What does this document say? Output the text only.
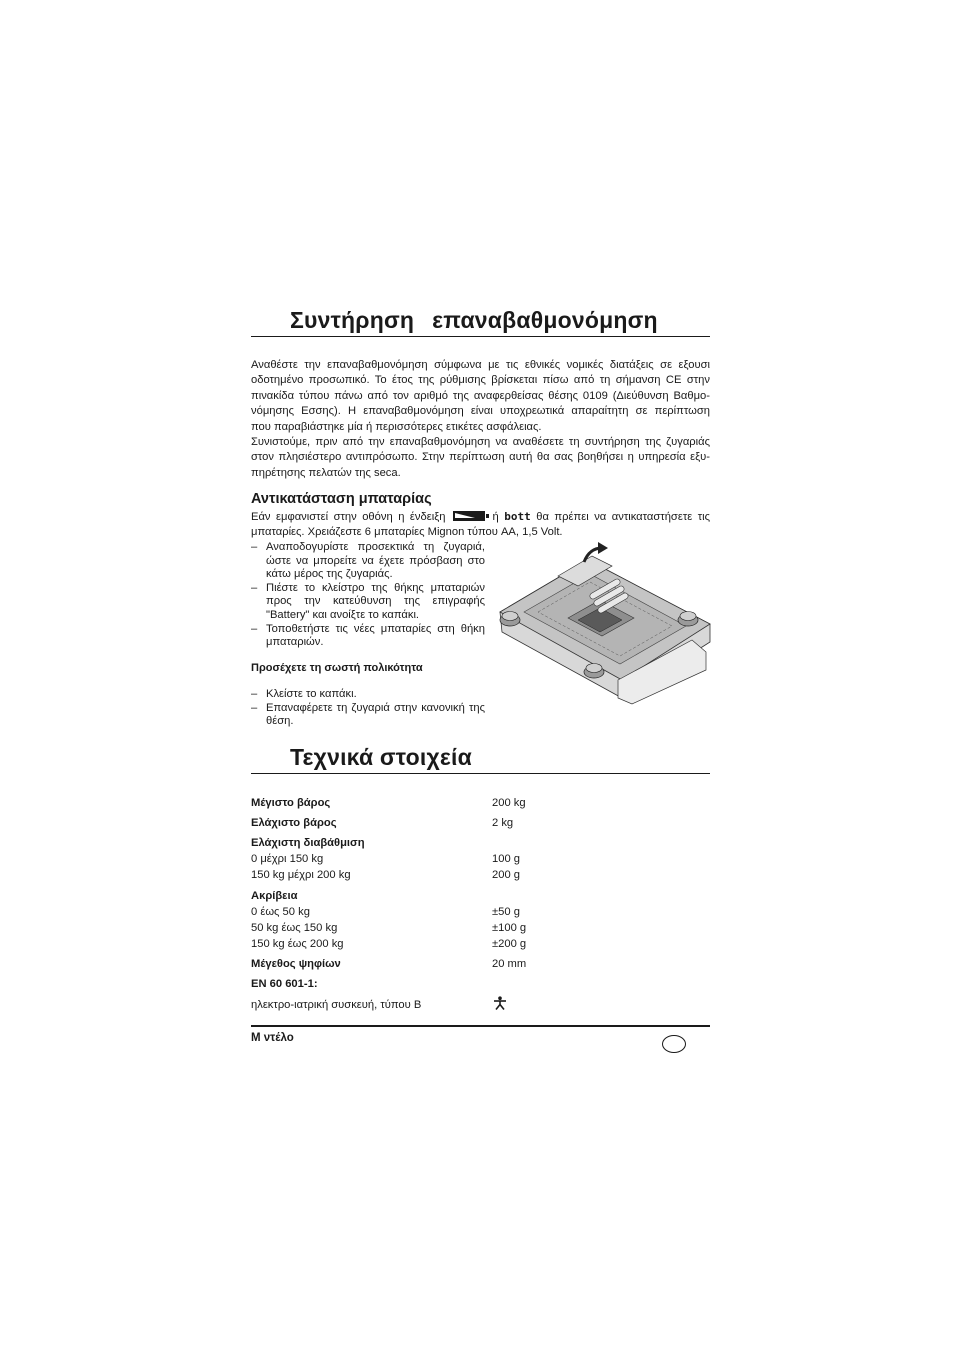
Συντήρηση επαναβαθμονόμηση
Αναθέστε την επαναβαθμονόμηση σύμφωνα με τις εθνικές νομικές διατάξεις σε εξουσι
οδοτημένο προσωπικό. Το έτος της ρύθμισης βρίσκεται πίσω από τη σήμανση CE στην
πινακίδα τύπου πάνω από τον αριθμό της αναφερθείσας θέσης 0109 (Διεύθυνση Βαθμο-
νόμησης Εσσης). Η επαναβαθμονόμηση είναι υποχρεωτικά απαραίτητη σε περίπτωση
που παραβιάστηκε μία ή περισσότερες ετικέτες ασφάλειας.
Συνιστούμε, πριν από την επαναβαθμονόμηση να αναθέσετε τη συντήρηση της ζυγαριάς
στον πλησιέστερο αντιπρόσωπο. Στην περίπτωση αυτή θα σας βοηθήσει η υπηρεσία εξυ-
πηρέτησης πελατών της seca.
Αντικατάσταση μπαταρίας
Εάν εμφανιστεί στην οθόνη η ένδειξη	ή bott θα πρέπει να αντικαταστήσετε τις
μπαταρίες. Χρειάζεστε 6 μπαταρίες Mignon τύπου AA, 1,5 Volt.
– Αναποδογυρίστε προσεκτικά τη ζυγαριά, ώστε να μπορείτε να έχετε πρόσβαση στο κάτω μέρος της ζυγαριάς.
– Πιέστε το κλείστρο της θήκης μπαταριών προς την κατεύθυνση της επιγραφής "Battery" και ανοίξτε το καπάκι.
– Τοποθετήστε τις νέες μπαταρίες στη θήκη μπαταριών.
Προσέχετε τη σωστή πολικότητα
– Κλείστε το καπάκι.
– Επαναφέρετε τη ζυγαριά στην κανονική της θέση.
Τεχνικά στοιχεία
Μέγιστο βάρος	200 kg
Ελάχιστο βάρος	2 kg
Ελάχιστη διαβάθμιση
0 μέχρι 150 kg	100 g
150 kg μέχρι 200 kg	200 g
Ακρίβεια
0 έως 50 kg	±50 g
50 kg έως 150 kg	±100 g
150 kg έως 200 kg	±200 g
Μέγεθος ψηφίων	20 mm
EN 60 601-1:
ηλεκτρο-ιατρική συσκευή, τύπου B
M ντέλο
